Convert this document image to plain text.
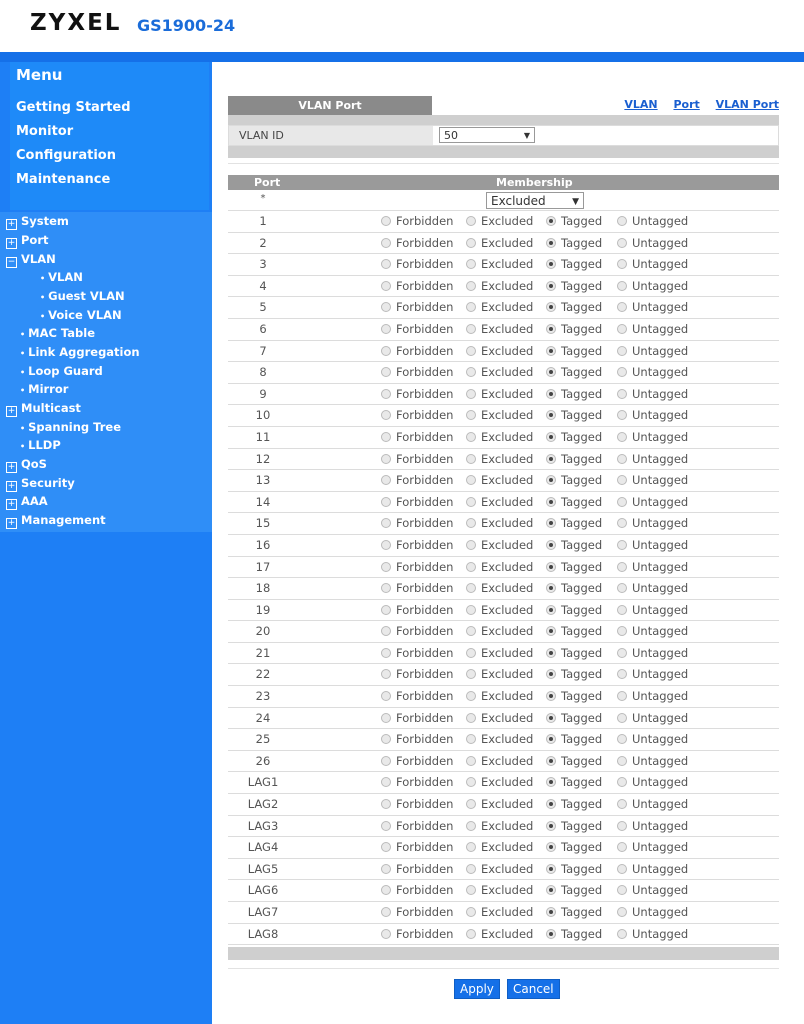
ZYXEL GS1900-24
Menu
Getting Started
Monitor
Configuration
Maintenance
+ System
+ Port
− VLAN
• VLAN
• Guest VLAN
• Voice VLAN
• MAC Table
• Link Aggregation
• Loop Guard
• Mirror
+ Multicast
• Spanning Tree
• LLDP
+ QoS
+ Security
+ AAA
+ Management
VLAN Port	VLAN Port VLAN Port
VLAN ID	50	▼
Port	Membership
*	Excluded	▼
1	Forbidden	Excluded	Tagged	Untagged
2	Forbidden	Excluded	Tagged	Untagged
3	Forbidden	Excluded	Tagged	Untagged
4	Forbidden	Excluded	Tagged	Untagged
5	Forbidden	Excluded	Tagged	Untagged
6	Forbidden	Excluded	Tagged	Untagged
7	Forbidden	Excluded	Tagged	Untagged
8	Forbidden	Excluded	Tagged	Untagged
9	Forbidden	Excluded	Tagged	Untagged
10	Forbidden	Excluded	Tagged	Untagged
11	Forbidden	Excluded	Tagged	Untagged
12	Forbidden	Excluded	Tagged	Untagged
13	Forbidden	Excluded	Tagged	Untagged
14	Forbidden	Excluded	Tagged	Untagged
15	Forbidden	Excluded	Tagged	Untagged
16	Forbidden	Excluded	Tagged	Untagged
17	Forbidden	Excluded	Tagged	Untagged
18	Forbidden	Excluded	Tagged	Untagged
19	Forbidden	Excluded	Tagged	Untagged
20	Forbidden	Excluded	Tagged	Untagged
21	Forbidden	Excluded	Tagged	Untagged
22	Forbidden	Excluded	Tagged	Untagged
23	Forbidden	Excluded	Tagged	Untagged
24	Forbidden	Excluded	Tagged	Untagged
25	Forbidden	Excluded	Tagged	Untagged
26	Forbidden	Excluded	Tagged	Untagged
LAG1	Forbidden	Excluded	Tagged	Untagged
LAG2	Forbidden	Excluded	Tagged	Untagged
LAG3	Forbidden	Excluded	Tagged	Untagged
LAG4	Forbidden	Excluded	Tagged	Untagged
LAG5	Forbidden	Excluded	Tagged	Untagged
LAG6	Forbidden	Excluded	Tagged	Untagged
LAG7	Forbidden	Excluded	Tagged	Untagged
LAG8	Forbidden	Excluded	Tagged	Untagged
Apply Cancel
